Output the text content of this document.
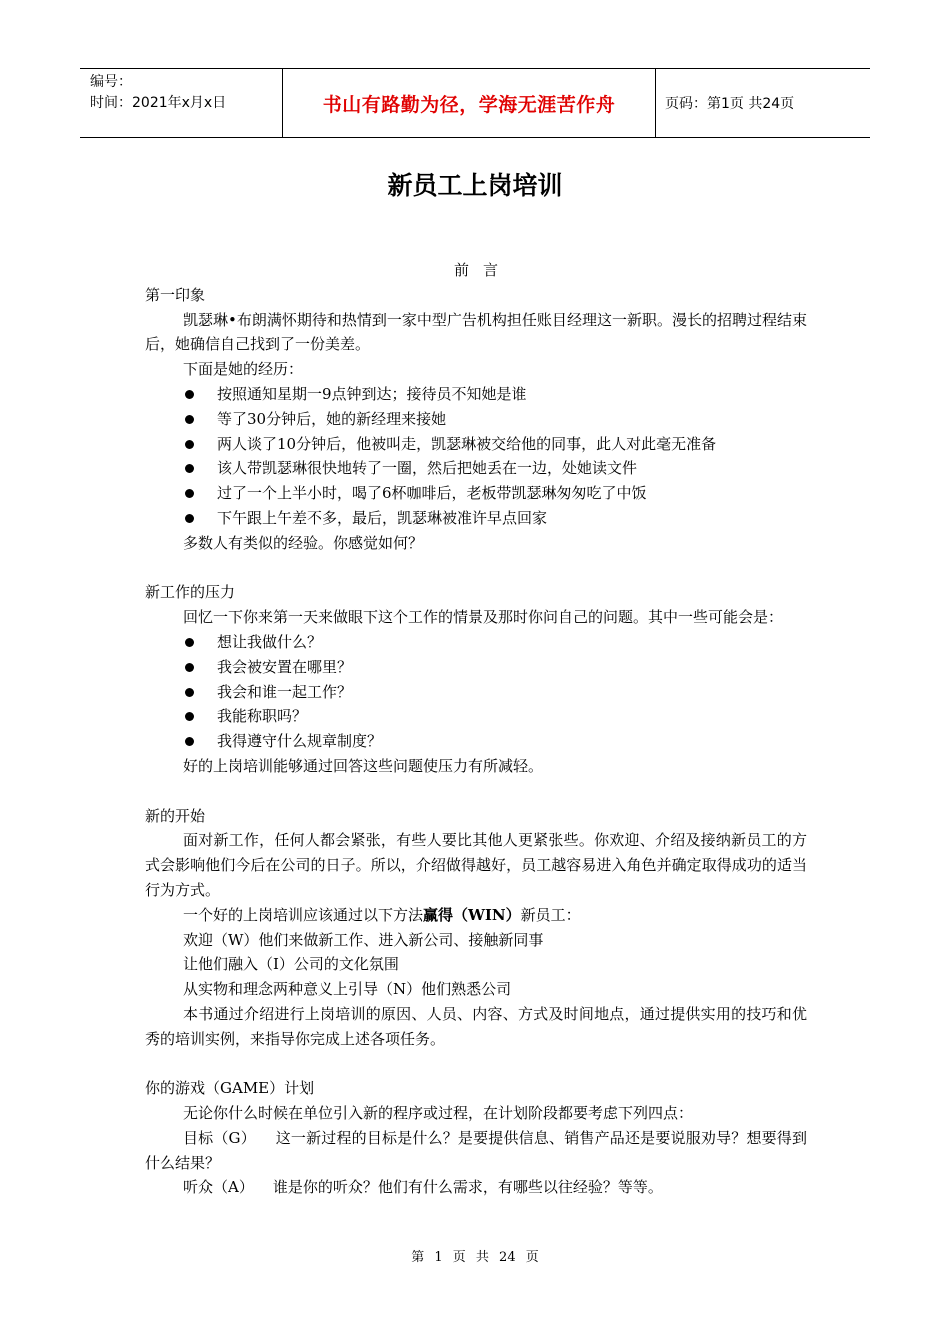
编号：
时间：2021年x月x日	书山有路勤为径，学海无涯苦作舟	页码：第1页 共24页
新员工上岗培训

前言

第一印象

凯瑟琳•布朗满怀期待和热情到一家中型广告机构担任账目经理这一新职。漫长的招聘过程结束后，她确信自己找到了一份美差。

下面是她的经历：

按照通知星期一9点钟到达；接待员不知她是谁
等了30分钟后，她的新经理来接她
两人谈了10分钟后，他被叫走，凯瑟琳被交给他的同事，此人对此毫无准备
该人带凯瑟琳很快地转了一圈，然后把她丢在一边，处她读文件
过了一个上半小时，喝了6杯咖啡后，老板带凯瑟琳匆匆吃了中饭
下午跟上午差不多，最后，凯瑟琳被准许早点回家

多数人有类似的经验。你感觉如何？

新工作的压力

回忆一下你来第一天来做眼下这个工作的情景及那时你问自己的问题。其中一些可能会是：

想让我做什么？
我会被安置在哪里？
我会和谁一起工作？
我能称职吗？
我得遵守什么规章制度？

好的上岗培训能够通过回答这些问题使压力有所减轻。

新的开始

面对新工作，任何人都会紧张，有些人要比其他人更紧张些。你欢迎、介绍及接纳新员工的方式会影响他们今后在公司的日子。所以，介绍做得越好，员工越容易进入角色并确定取得成功的适当行为方式。

一个好的上岗培训应该通过以下方法赢得（WIN）新员工：

欢迎（W）他们来做新工作、进入新公司、接触新同事

让他们融入（I）公司的文化氛围

从实物和理念两种意义上引导（N）他们熟悉公司

本书通过介绍进行上岗培训的原因、人员、内容、方式及时间地点，通过提供实用的技巧和优秀的培训实例，来指导你完成上述各项任务。

你的游戏（GAME）计划

无论你什么时候在单位引入新的程序或过程，在计划阶段都要考虑下列四点：

目标（G）    这一新过程的目标是什么？是要提供信息、销售产品还是要说服劝导？想要得到什么结果？

听众（A）    谁是你的听众？他们有什么需求，有哪些以往经验？等等。

第 1 页 共 24 页
